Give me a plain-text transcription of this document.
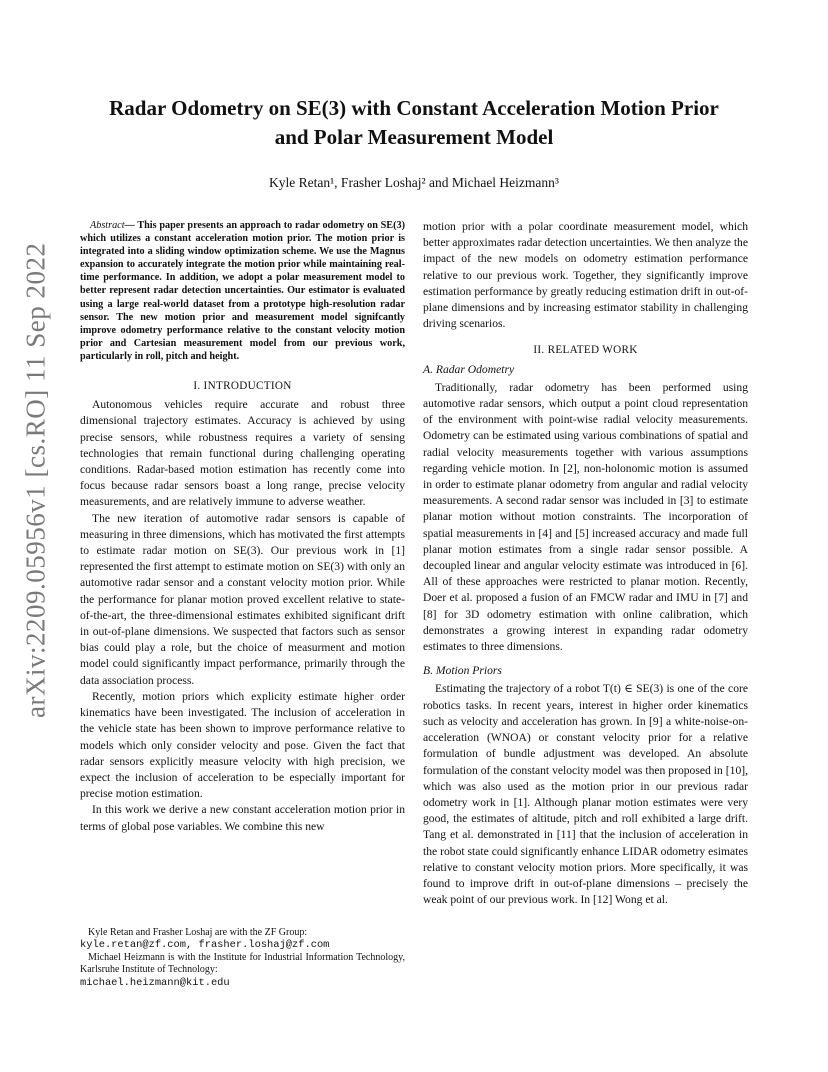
arXiv:2209.05956v1 [cs.RO] 11 Sep 2022
Radar Odometry on SE(3) with Constant Acceleration Motion Prior
and Polar Measurement Model
Kyle Retan¹, Frasher Loshaj² and Michael Heizmann³

Abstract— This paper presents an approach to radar odometry on SE(3) which utilizes a constant acceleration motion prior. The motion prior is integrated into a sliding window optimization scheme. We use the Magnus expansion to accurately integrate the motion prior while maintaining real-time performance. In addition, we adopt a polar measurement model to better represent radar detection uncertainties. Our estimator is evaluated using a large real-world dataset from a prototype high-resolution radar sensor. The new motion prior and measurement model signifcantly improve odometry performance relative to the constant velocity motion prior and Cartesian measurement model from our previous work, particularly in roll, pitch and height.

I. INTRODUCTION

Autonomous vehicles require accurate and robust three dimensional trajectory estimates. Accuracy is achieved by using precise sensors, while robustness requires a variety of sensing technologies that remain functional during challenging operating conditions. Radar-based motion estimation has recently come into focus because radar sensors boast a long range, precise velocity measurements, and are relatively immune to adverse weather.

The new iteration of automotive radar sensors is capable of measuring in three dimensions, which has motivated the first attempts to estimate radar motion on SE(3). Our previous work in [1] represented the first attempt to estimate motion on SE(3) with only an automotive radar sensor and a constant velocity motion prior. While the performance for planar motion proved excellent relative to state-of-the-art, the three-dimensional estimates exhibited significant drift in out-of-plane dimensions. We suspected that factors such as sensor bias could play a role, but the choice of measurment and motion model could significantly impact performance, primarily through the data association process.

Recently, motion priors which explicity estimate higher order kinematics have been investigated. The inclusion of acceleration in the vehicle state has been shown to improve performance relative to models which only consider velocity and pose. Given the fact that radar sensors explicitly measure velocity with high precision, we expect the inclusion of acceleration to be especially important for precise motion estimation.

In this work we derive a new constant acceleration motion prior in terms of global pose variables. We combine this new

Kyle Retan and Frasher Loshaj are with the ZF Group:
kyle.retan@zf.com, frasher.loshaj@zf.com

Michael Heizmann is with the Institute for Industrial Information Technology, Karlsruhe Institute of Technology:
michael.heizmann@kit.edu

motion prior with a polar coordinate measurement model, which better approximates radar detection uncertainties. We then analyze the impact of the new models on odometry estimation performance relative to our previous work. Together, they significantly improve estimation performance by greatly reducing estimation drift in out-of-plane dimensions and by increasing estimator stability in challenging driving scenarios.

II. RELATED WORK
A. Radar Odometry

Traditionally, radar odometry has been performed using automotive radar sensors, which output a point cloud representation of the environment with point-wise radial velocity measurements. Odometry can be estimated using various combinations of spatial and radial velocity measurements together with various assumptions regarding vehicle motion. In [2], non-holonomic motion is assumed in order to estimate planar odometry from angular and radial velocity measurements. A second radar sensor was included in [3] to estimate planar motion without motion constraints. The incorporation of spatial measurements in [4] and [5] increased accuracy and made full planar motion estimates from a single radar sensor possible. A decoupled linear and angular velocity estimate was introduced in [6]. All of these approaches were restricted to planar motion. Recently, Doer et al. proposed a fusion of an FMCW radar and IMU in [7] and [8] for 3D odometry estimation with online calibration, which demonstrates a growing interest in expanding radar odometry estimates to three dimensions.

B. Motion Priors

Estimating the trajectory of a robot T(t) ∈ SE(3) is one of the core robotics tasks. In recent years, interest in higher order kinematics such as velocity and acceleration has grown. In [9] a white-noise-on-acceleration (WNOA) or constant velocity prior for a relative formulation of bundle adjustment was developed. An absolute formulation of the constant velocity model was then proposed in [10], which was also used as the motion prior in our previous radar odometry work in [1]. Although planar motion estimates were very good, the estimates of altitude, pitch and roll exhibited a large drift. Tang et al. demonstrated in [11] that the inclusion of acceleration in the robot state could significantly enhance LIDAR odometry esimates relative to constant velocity motion priors. More specifically, it was found to improve drift in out-of-plane dimensions – precisely the weak point of our previous work. In [12] Wong et al.
